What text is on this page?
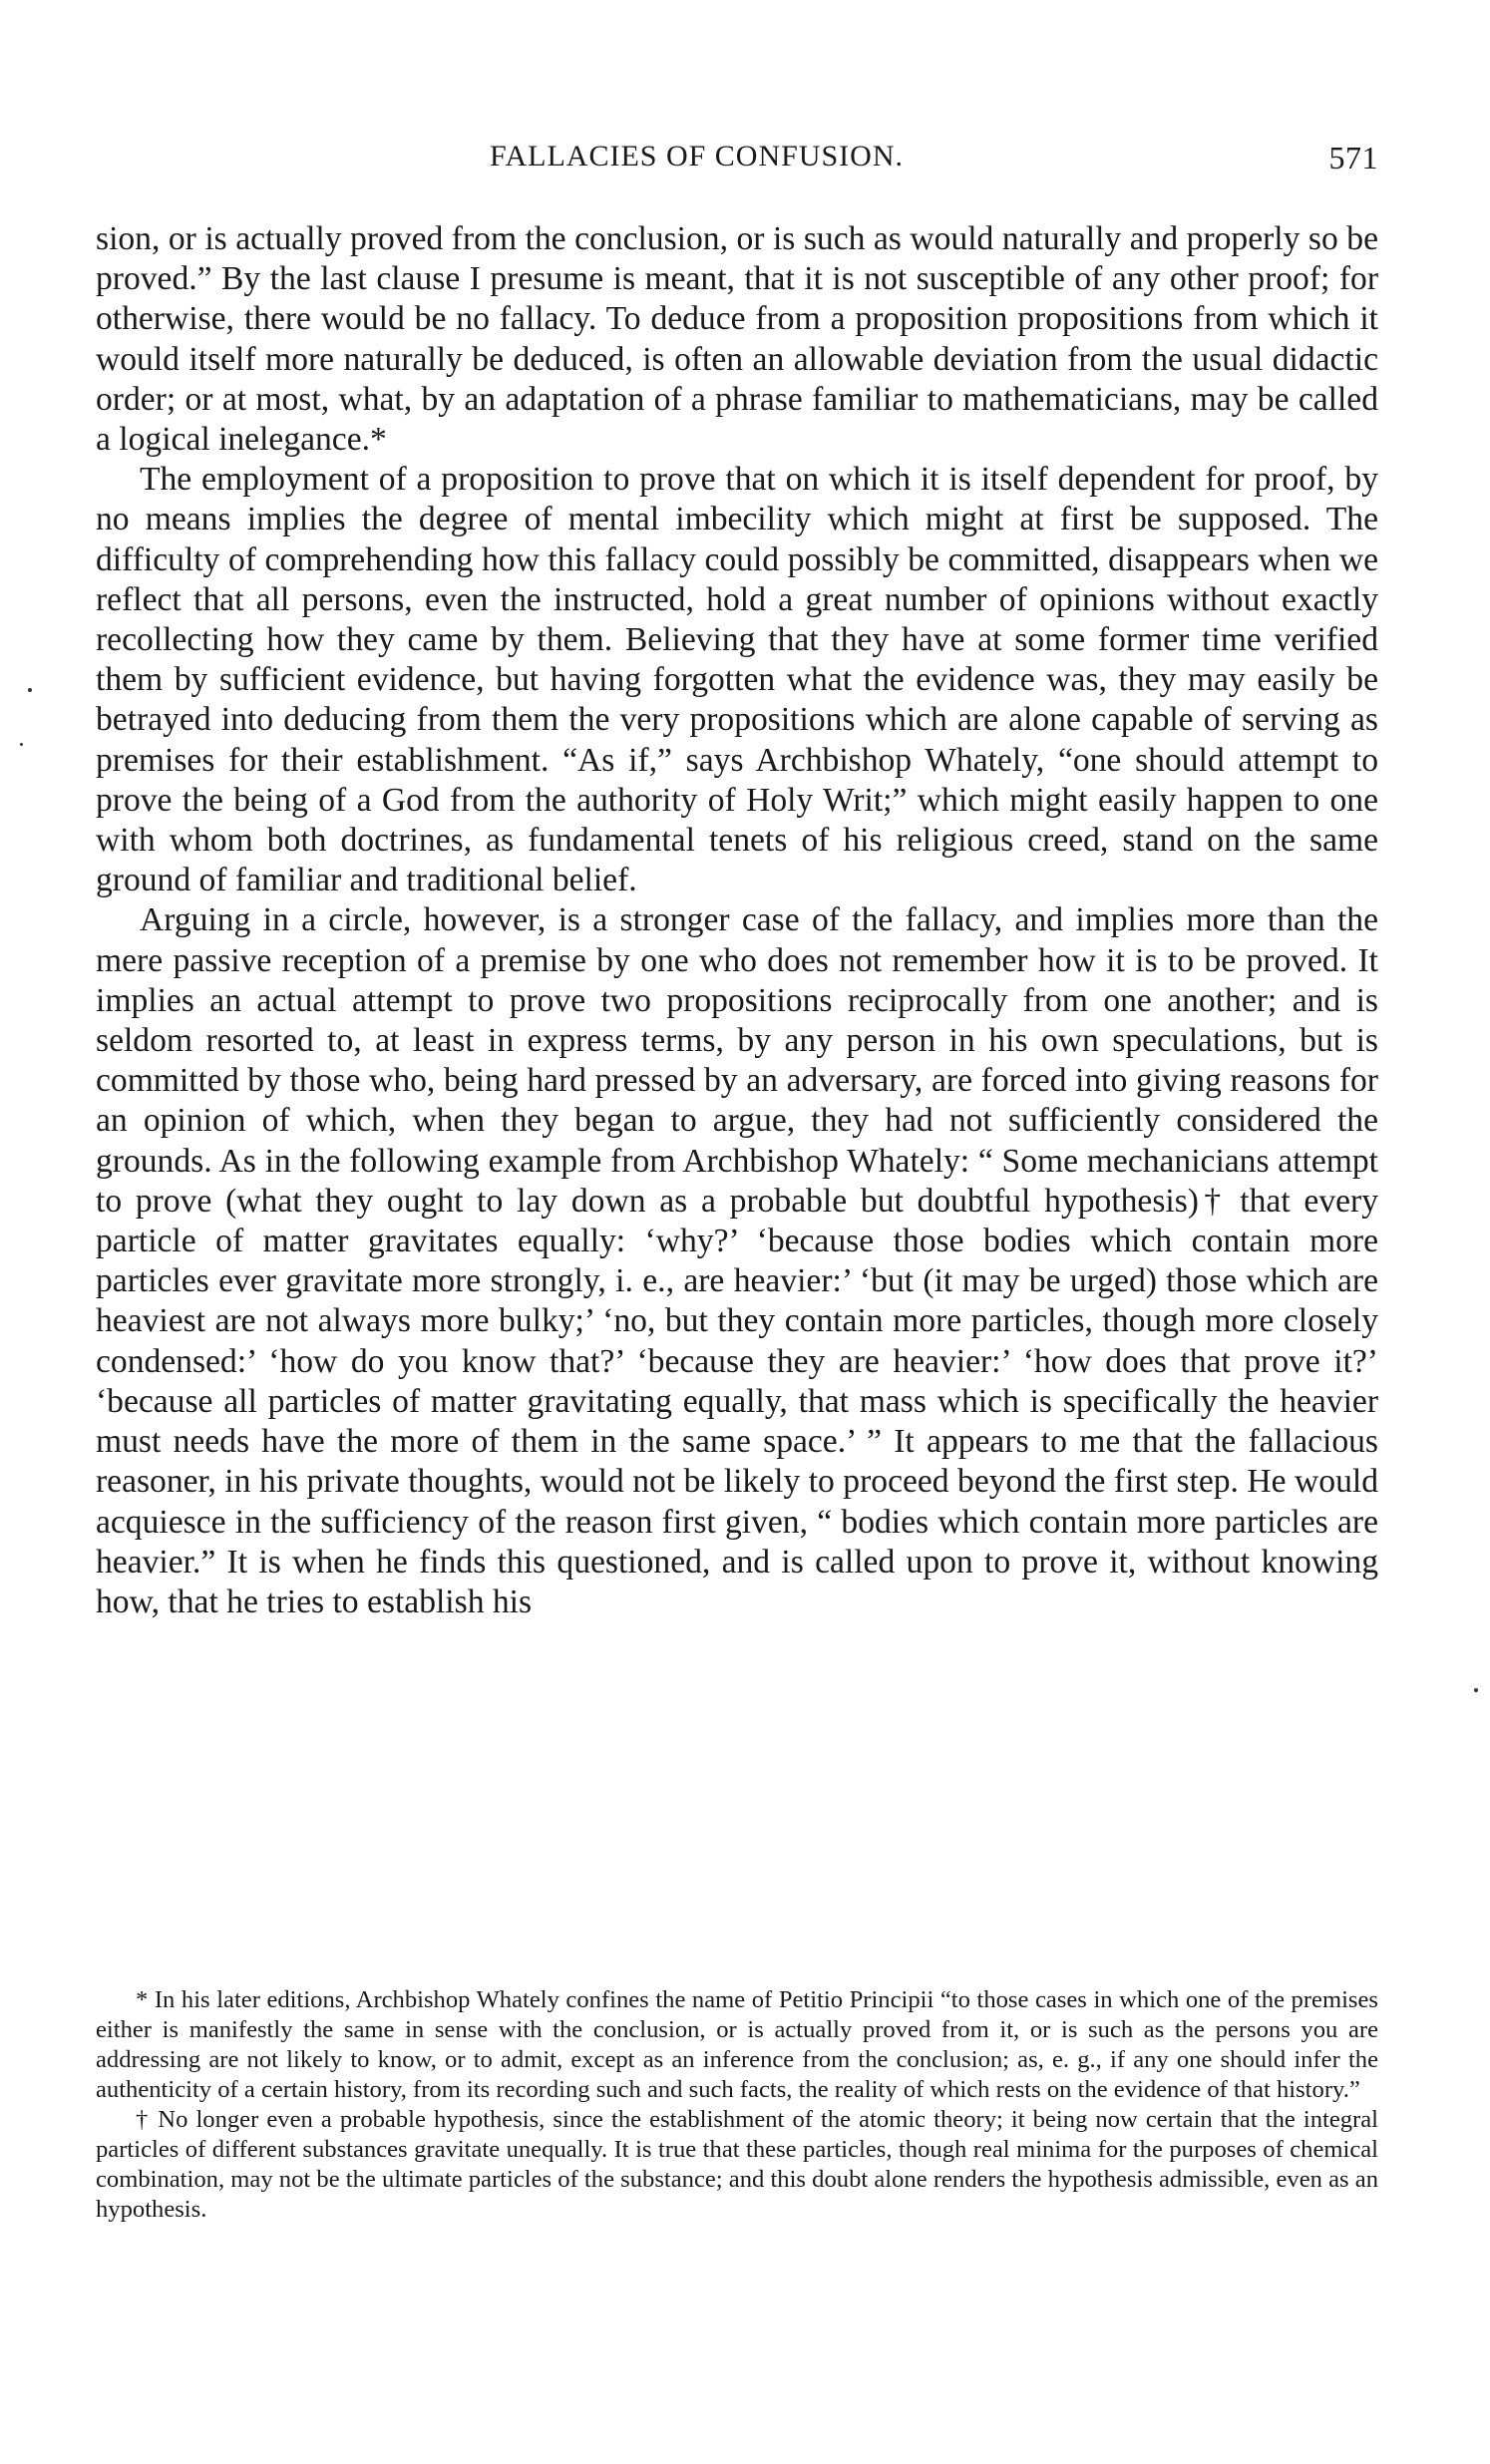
FALLACIES OF CONFUSION.	571

sion, or is actually proved from the conclusion, or is such as would naturally and properly so be proved.” By the last clause I presume is meant, that it is not susceptible of any other proof; for otherwise, there would be no fallacy. To deduce from a proposition propositions from which it would itself more naturally be deduced, is often an allowable deviation from the usual didactic order; or at most, what, by an adaptation of a phrase familiar to mathematicians, may be called a logical inelegance.*

The employment of a proposition to prove that on which it is itself dependent for proof, by no means implies the degree of mental imbecility which might at first be supposed. The difficulty of comprehending how this fallacy could possibly be committed, disappears when we reflect that all persons, even the instructed, hold a great number of opinions without exactly recollecting how they came by them. Believing that they have at some former time verified them by sufficient evidence, but having forgotten what the evidence was, they may easily be betrayed into deducing from them the very propositions which are alone capable of serving as premises for their establishment. “As if,” says Archbishop Whately, “one should attempt to prove the being of a God from the authority of Holy Writ;” which might easily happen to one with whom both doctrines, as fundamental tenets of his religious creed, stand on the same ground of familiar and traditional belief.

Arguing in a circle, however, is a stronger case of the fallacy, and implies more than the mere passive reception of a premise by one who does not remember how it is to be proved. It implies an actual attempt to prove two propositions reciprocally from one another; and is seldom resorted to, at least in express terms, by any person in his own speculations, but is committed by those who, being hard pressed by an adversary, are forced into giving reasons for an opinion of which, when they began to argue, they had not sufficiently considered the grounds. As in the following example from Archbishop Whately: “ Some mechanicians attempt to prove (what they ought to lay down as a probable but doubtful hypothesis)† that every particle of matter gravitates equally: ‘why?’ ‘because those bodies which contain more particles ever gravitate more strongly, i. e., are heavier:’ ‘but (it may be urged) those which are heaviest are not always more bulky;’ ‘no, but they contain more particles, though more closely condensed:’ ‘how do you know that?’ ‘because they are heavier:’ ‘how does that prove it?’ ‘because all particles of matter gravitating equally, that mass which is specifically the heavier must needs have the more of them in the same space.’ ” It appears to me that the fallacious reasoner, in his private thoughts, would not be likely to proceed beyond the first step. He would acquiesce in the sufficiency of the reason first given, “ bodies which contain more particles are heavier.” It is when he finds this questioned, and is called upon to prove it, without knowing how, that he tries to establish his

* In his later editions, Archbishop Whately confines the name of Petitio Principii “to those cases in which one of the premises either is manifestly the same in sense with the conclusion, or is actually proved from it, or is such as the persons you are addressing are not likely to know, or to admit, except as an inference from the conclusion; as, e. g., if any one should infer the authenticity of a certain history, from its recording such and such facts, the reality of which rests on the evidence of that history.”

† No longer even a probable hypothesis, since the establishment of the atomic theory; it being now certain that the integral particles of different substances gravitate unequally. It is true that these particles, though real minima for the purposes of chemical combination, may not be the ultimate particles of the substance; and this doubt alone renders the hypothesis admissible, even as an hypothesis.
